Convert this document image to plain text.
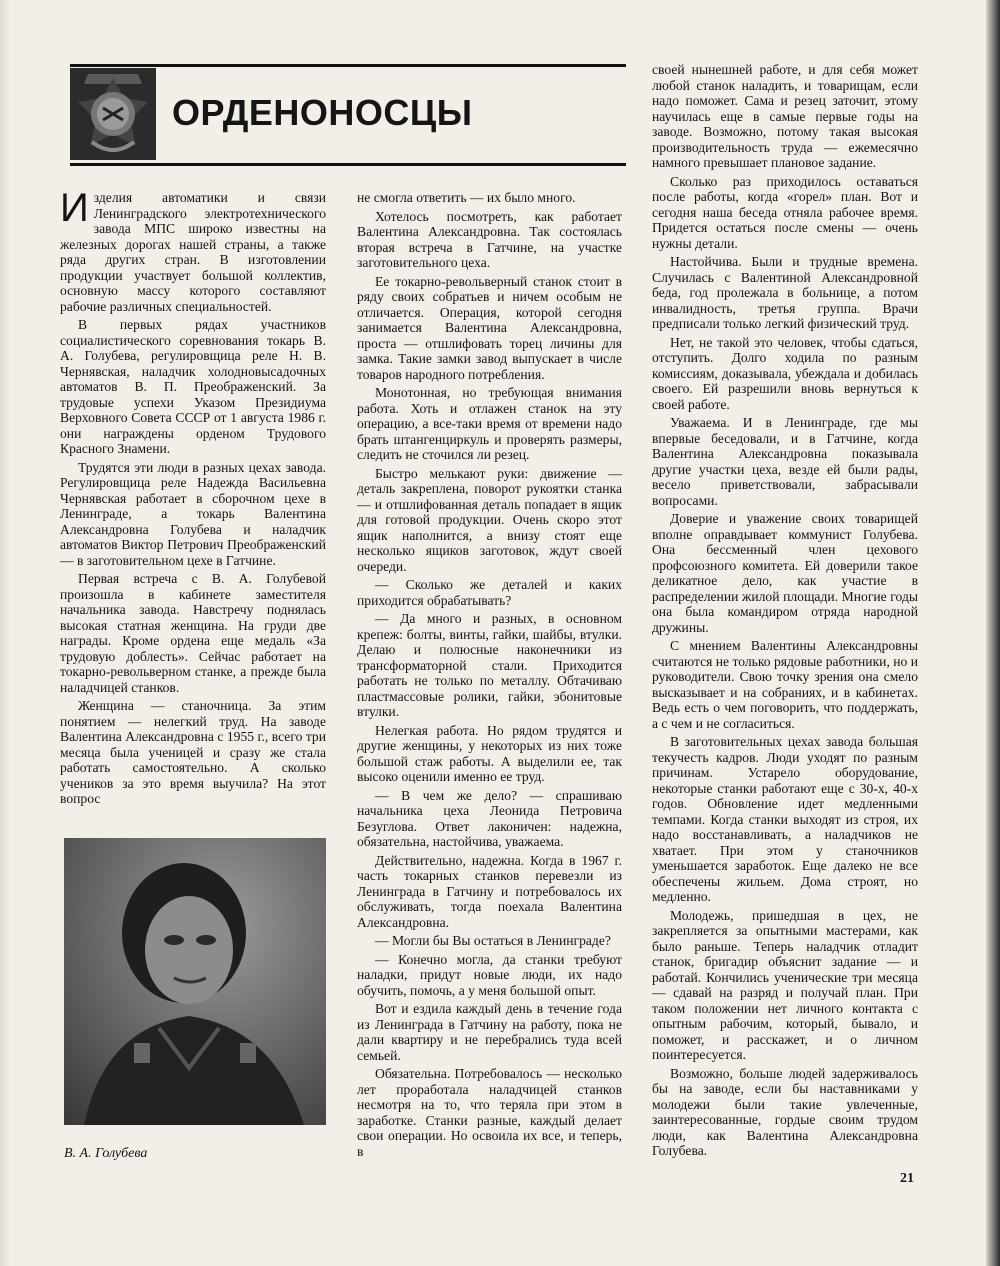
ОРДЕНОНОСЦЫ

Изделия автоматики и связи Ленинградского электротехнического завода МПС широко известны на железных дорогах нашей страны, а также ряда других стран. В изготовлении продукции участвует большой коллектив, основную массу которого составляют рабочие различных специальностей.

В первых рядах участников социалистического соревнования токарь В. А. Голубева, регулировщица реле Н. В. Чернявская, наладчик холодновысадочных автоматов В. П. Преображенский. За трудовые успехи Указом Президиума Верховного Совета СССР от 1 августа 1986 г. они награждены орденом Трудового Красного Знамени.

Трудятся эти люди в разных цехах завода. Регулировщица реле Надежда Васильевна Чернявская работает в сборочном цехе в Ленинграде, а токарь Валентина Александровна Голубева и наладчик автоматов Виктор Петрович Преображенский — в заготовительном цехе в Гатчине.

Первая встреча с В. А. Голубевой произошла в кабинете заместителя начальника завода. Навстречу поднялась высокая статная женщина. На груди две награды. Кроме ордена еще медаль «За трудовую доблесть». Сейчас работает на токарно-револьверном станке, а прежде была наладчицей станков.

Женщина — станочница. За этим понятием — нелегкий труд. На заводе Валентина Александровна с 1955 г., всего три месяца была ученицей и сразу же стала работать самостоятельно. А сколько учеников за это время выучила? На этот вопрос

В. А. Голубева

не смогла ответить — их было много.

Хотелось посмотреть, как работает Валентина Александровна. Так состоялась вторая встреча в Гатчине, на участке заготовительного цеха.

Ее токарно-револьверный станок стоит в ряду своих собратьев и ничем особым не отличается. Операция, которой сегодня занимается Валентина Александровна, проста — отшлифовать торец личины для замка. Такие замки завод выпускает в числе товаров народного потребления.

Монотонная, но требующая внимания работа. Хоть и отлажен станок на эту операцию, а все-таки время от времени надо брать штангенциркуль и проверять размеры, следить не сточился ли резец.

Быстро мелькают руки: движение — деталь закреплена, поворот рукоятки станка — и отшлифованная деталь попадает в ящик для готовой продукции. Очень скоро этот ящик наполнится, а внизу стоят еще несколько ящиков заготовок, ждут своей очереди.

— Сколько же деталей и каких приходится обрабатывать?

— Да много и разных, в основном крепеж: болты, винты, гайки, шайбы, втулки. Делаю и полюсные наконечники из трансформаторной стали. Приходится работать не только по металлу. Обтачиваю пластмассовые ролики, гайки, эбонитовые втулки.

Нелегкая работа. Но рядом трудятся и другие женщины, у некоторых из них тоже большой стаж работы. А выделили ее, так высоко оценили именно ее труд.

— В чем же дело? — спрашиваю начальника цеха Леонида Петровича Безуглова. Ответ лаконичен: надежна, обязательна, настойчива, уважаема.

Действительно, надежна. Когда в 1967 г. часть токарных станков перевезли из Ленинграда в Гатчину и потребовалось их обслуживать, тогда поехала Валентина Александровна.

— Могли бы Вы остаться в Ленинграде?

— Конечно могла, да станки требуют наладки, придут новые люди, их надо обучить, помочь, а у меня большой опыт.

Вот и ездила каждый день в течение года из Ленинграда в Гатчину на работу, пока не дали квартиру и не перебрались туда всей семьей.

Обязательна. Потребовалось — несколько лет проработала наладчицей станков несмотря на то, что теряла при этом в заработке. Станки разные, каждый делает свои операции. Но освоила их все, и теперь, в

своей нынешней работе, и для себя может любой станок наладить, и товарищам, если надо поможет. Сама и резец заточит, этому научилась еще в самые первые годы на заводе. Возможно, потому такая высокая производительность труда — ежемесячно намного превышает плановое задание.

Сколько раз приходилось оставаться после работы, когда «горел» план. Вот и сегодня наша беседа отняла рабочее время. Придется остаться после смены — очень нужны детали.

Настойчива. Были и трудные времена. Случилась с Валентиной Александровной беда, год пролежала в больнице, а потом инвалидность, третья группа. Врачи предписали только легкий физический труд.

Нет, не такой это человек, чтобы сдаться, отступить. Долго ходила по разным комиссиям, доказывала, убеждала и добилась своего. Ей разрешили вновь вернуться к своей работе.

Уважаема. И в Ленинграде, где мы впервые беседовали, и в Гатчине, когда Валентина Александровна показывала другие участки цеха, везде ей были рады, весело приветствовали, забрасывали вопросами.

Доверие и уважение своих товарищей вполне оправдывает коммунист Голубева. Она бессменный член цехового профсоюзного комитета. Ей доверили такое деликатное дело, как участие в распределении жилой площади. Многие годы она была командиром отряда народной дружины.

С мнением Валентины Александровны считаются не только рядовые работники, но и руководители. Свою точку зрения она смело высказывает и на собраниях, и в кабинетах. Ведь есть о чем поговорить, что поддержать, а с чем и не согласиться.

В заготовительных цехах завода большая текучесть кадров. Люди уходят по разным причинам. Устарело оборудование, некоторые станки работают еще с 30-х, 40-х годов. Обновление идет медленными темпами. Когда станки выходят из строя, их надо восстанавливать, а наладчиков не хватает. При этом у станочников уменьшается заработок. Еще далеко не все обеспечены жильем. Дома строят, но медленно.

Молодежь, пришедшая в цех, не закрепляется за опытными мастерами, как было раньше. Теперь наладчик отладит станок, бригадир объяснит задание — и работай. Кончились ученические три месяца — сдавай на разряд и получай план. При таком положении нет личного контакта с опытным рабочим, который, бывало, и поможет, и расскажет, и о личном поинтересуется.

Возможно, больше людей задерживалось бы на заводе, если бы наставниками у молодежи были такие увлеченные, заинтересованные, гордые своим трудом люди, как Валентина Александровна Голубева.

21
